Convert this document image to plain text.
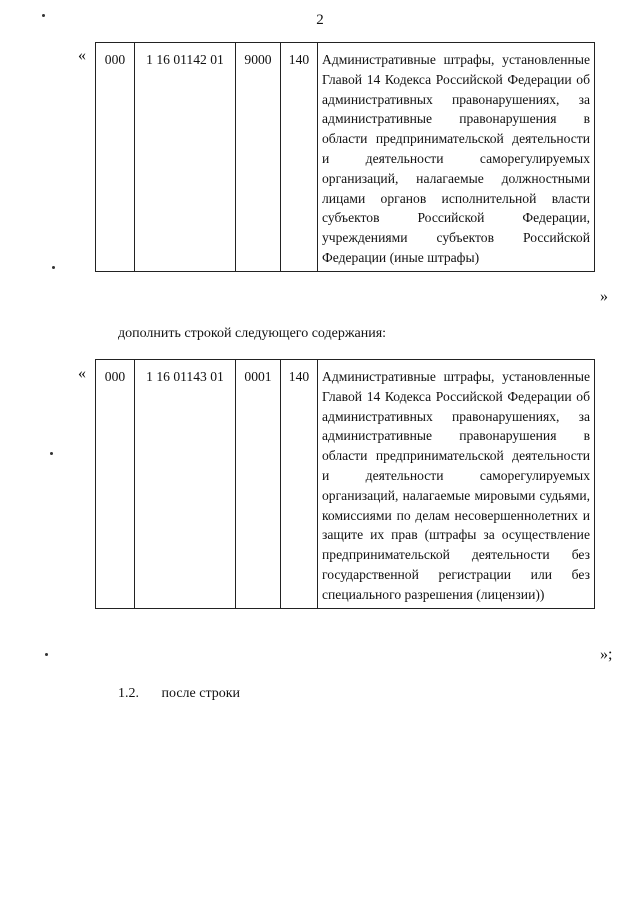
2
« 000	1 16 01142 01	9000	140	Административные штрафы, установленные Главой 14 Кодекса Российской Федерации об административных правонарушениях, за административные правонарушения в области предпринимательской деятельности и деятельности саморегулируемых организаций, налагаемые должностными лицами органов исполнительной власти субъектов Российской Федерации, учреждениями субъектов Российской Федерации (иные штрафы)
»
дополнить строкой следующего содержания:
« 000	1 16 01143 01	0001	140	Административные штрафы, установленные Главой 14 Кодекса Российской Федерации об административных правонарушениях, за административные правонарушения в области предпринимательской деятельности и деятельности саморегулируемых организаций, налагаемые мировыми судьями, комиссиями по делам несовершеннолетних и защите их прав (штрафы за осуществление предпринимательской деятельности без государственной регистрации или без специального разрешения (лицензии))
»;
1.2. после строки
